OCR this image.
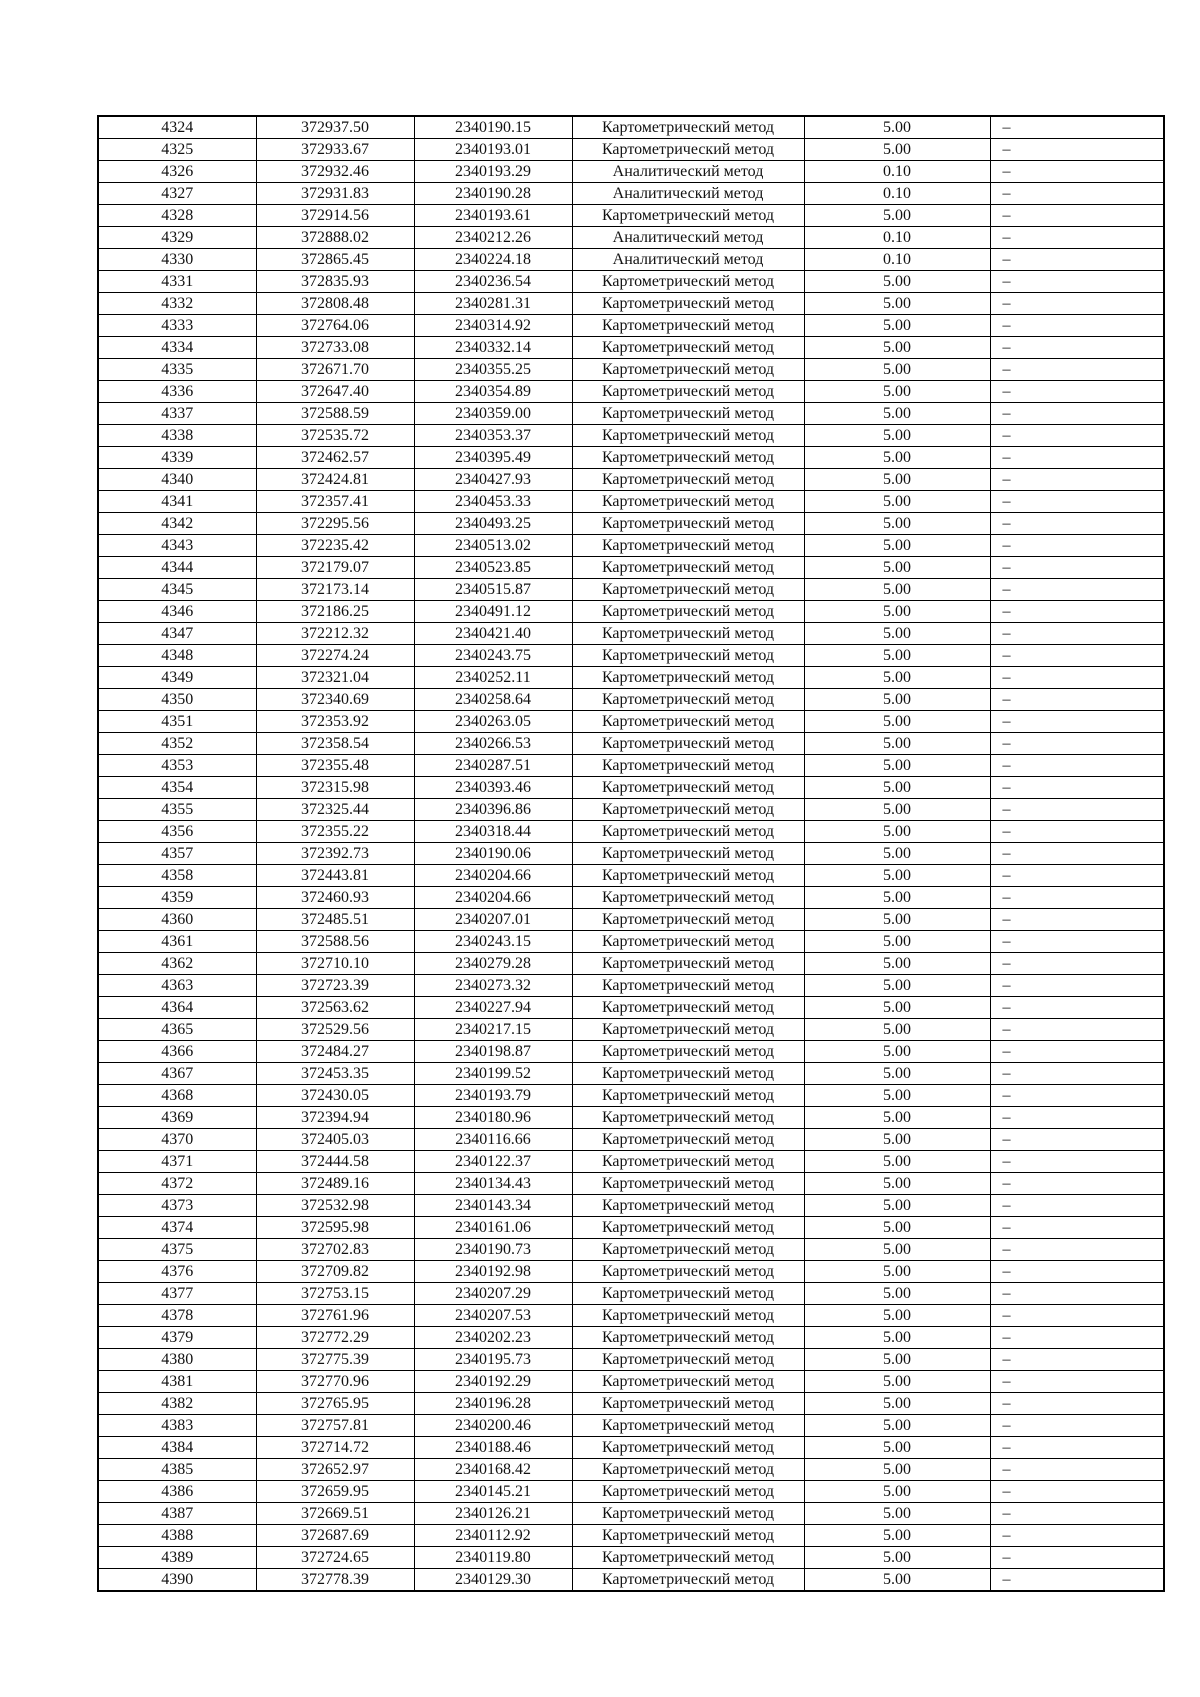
4324	372937.50	2340190.15	Картометрический метод	5.00	–
4325	372933.67	2340193.01	Картометрический метод	5.00	–
4326	372932.46	2340193.29	Аналитический метод	0.10	–
4327	372931.83	2340190.28	Аналитический метод	0.10	–
4328	372914.56	2340193.61	Картометрический метод	5.00	–
4329	372888.02	2340212.26	Аналитический метод	0.10	–
4330	372865.45	2340224.18	Аналитический метод	0.10	–
4331	372835.93	2340236.54	Картометрический метод	5.00	–
4332	372808.48	2340281.31	Картометрический метод	5.00	–
4333	372764.06	2340314.92	Картометрический метод	5.00	–
4334	372733.08	2340332.14	Картометрический метод	5.00	–
4335	372671.70	2340355.25	Картометрический метод	5.00	–
4336	372647.40	2340354.89	Картометрический метод	5.00	–
4337	372588.59	2340359.00	Картометрический метод	5.00	–
4338	372535.72	2340353.37	Картометрический метод	5.00	–
4339	372462.57	2340395.49	Картометрический метод	5.00	–
4340	372424.81	2340427.93	Картометрический метод	5.00	–
4341	372357.41	2340453.33	Картометрический метод	5.00	–
4342	372295.56	2340493.25	Картометрический метод	5.00	–
4343	372235.42	2340513.02	Картометрический метод	5.00	–
4344	372179.07	2340523.85	Картометрический метод	5.00	–
4345	372173.14	2340515.87	Картометрический метод	5.00	–
4346	372186.25	2340491.12	Картометрический метод	5.00	–
4347	372212.32	2340421.40	Картометрический метод	5.00	–
4348	372274.24	2340243.75	Картометрический метод	5.00	–
4349	372321.04	2340252.11	Картометрический метод	5.00	–
4350	372340.69	2340258.64	Картометрический метод	5.00	–
4351	372353.92	2340263.05	Картометрический метод	5.00	–
4352	372358.54	2340266.53	Картометрический метод	5.00	–
4353	372355.48	2340287.51	Картометрический метод	5.00	–
4354	372315.98	2340393.46	Картометрический метод	5.00	–
4355	372325.44	2340396.86	Картометрический метод	5.00	–
4356	372355.22	2340318.44	Картометрический метод	5.00	–
4357	372392.73	2340190.06	Картометрический метод	5.00	–
4358	372443.81	2340204.66	Картометрический метод	5.00	–
4359	372460.93	2340204.66	Картометрический метод	5.00	–
4360	372485.51	2340207.01	Картометрический метод	5.00	–
4361	372588.56	2340243.15	Картометрический метод	5.00	–
4362	372710.10	2340279.28	Картометрический метод	5.00	–
4363	372723.39	2340273.32	Картометрический метод	5.00	–
4364	372563.62	2340227.94	Картометрический метод	5.00	–
4365	372529.56	2340217.15	Картометрический метод	5.00	–
4366	372484.27	2340198.87	Картометрический метод	5.00	–
4367	372453.35	2340199.52	Картометрический метод	5.00	–
4368	372430.05	2340193.79	Картометрический метод	5.00	–
4369	372394.94	2340180.96	Картометрический метод	5.00	–
4370	372405.03	2340116.66	Картометрический метод	5.00	–
4371	372444.58	2340122.37	Картометрический метод	5.00	–
4372	372489.16	2340134.43	Картометрический метод	5.00	–
4373	372532.98	2340143.34	Картометрический метод	5.00	–
4374	372595.98	2340161.06	Картометрический метод	5.00	–
4375	372702.83	2340190.73	Картометрический метод	5.00	–
4376	372709.82	2340192.98	Картометрический метод	5.00	–
4377	372753.15	2340207.29	Картометрический метод	5.00	–
4378	372761.96	2340207.53	Картометрический метод	5.00	–
4379	372772.29	2340202.23	Картометрический метод	5.00	–
4380	372775.39	2340195.73	Картометрический метод	5.00	–
4381	372770.96	2340192.29	Картометрический метод	5.00	–
4382	372765.95	2340196.28	Картометрический метод	5.00	–
4383	372757.81	2340200.46	Картометрический метод	5.00	–
4384	372714.72	2340188.46	Картометрический метод	5.00	–
4385	372652.97	2340168.42	Картометрический метод	5.00	–
4386	372659.95	2340145.21	Картометрический метод	5.00	–
4387	372669.51	2340126.21	Картометрический метод	5.00	–
4388	372687.69	2340112.92	Картометрический метод	5.00	–
4389	372724.65	2340119.80	Картометрический метод	5.00	–
4390	372778.39	2340129.30	Картометрический метод	5.00	–
